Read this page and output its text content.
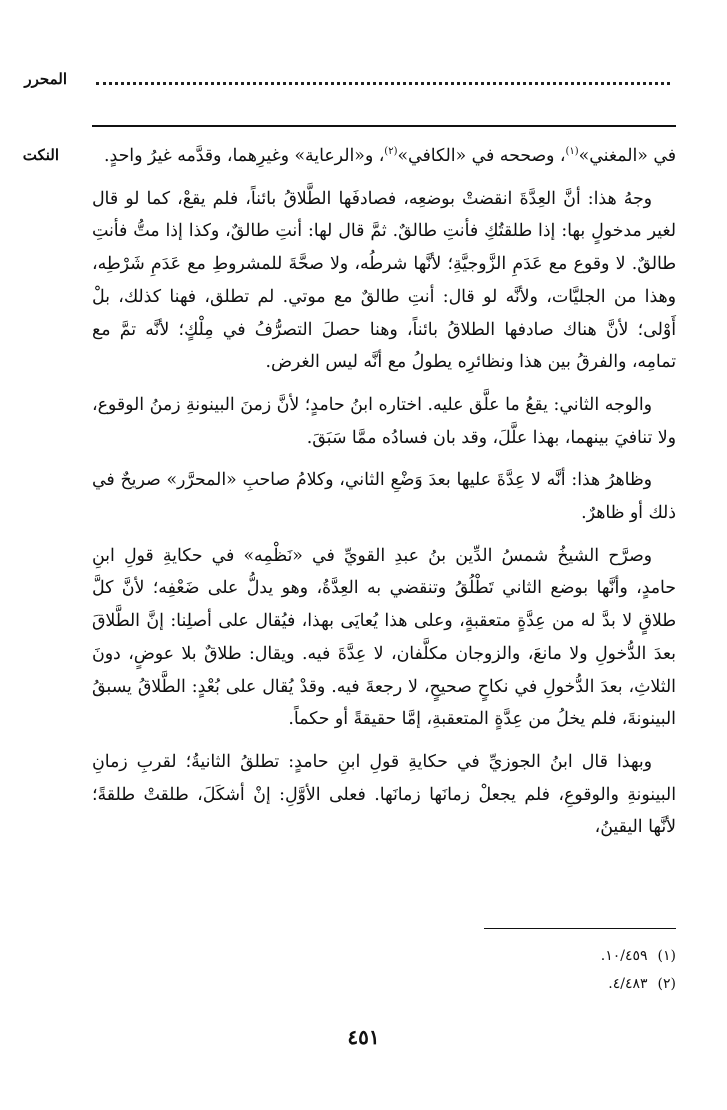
المحرر
النكت	في «المغني»$^{(١)}$، وصححه في «الكافي»$^{(٢)}$، و«الرعاية» وغيرِهما، وقدَّمه غيرُ واحدٍ.

وجهُ هذا: أنَّ العِدَّةَ انقضتْ بوضعِه، فصادفَها الطَّلاقُ بائناً، فلم يقعْ، كما لو قال لغير مدخولٍ بها: إذا طلقتُكِ فأنتِ طالقٌ. ثمَّ قال لها: أنتِ طالقٌ، وكذا إذا متُّ فأنتِ طالقٌ. لا وقوع مع عَدَمِ الزَّوجيَّةِ؛ لأنَّها شرطُه، ولا صحَّةَ للمشروطِ مع عَدَمِ شَرْطِه، وهذا من الجليَّات، ولأنَّه لو قال: أنتِ طالقٌ مع موتي. لم تطلق، فهنا كذلك، بلْ أَوْلى؛ لأنَّ هناك صادفها الطلاقُ بائناً، وهنا حصلَ التصرُّفُ في مِلْكٍ؛ لأنَّه تمَّ مع تمامِه، والفرقُ بين هذا ونظائرِه يطولُ مع أنَّه ليس الغرض.

والوجه الثاني: يقعُ ما علَّق عليه. اختاره ابنُ حامدٍ؛ لأنَّ زمنَ البينونةِ زمنُ الوقوع، ولا تنافيَ بينهما، بهذا علَّلَ، وقد بان فسادُه ممَّا سَبَقَ.

وظاهرُ هذا: أنَّه لا عِدَّةَ عليها بعدَ وَضْعِ الثاني، وكلامُ صاحبِ «المحرَّر» صريحٌ في ذلك أو ظاهرٌ.

وصرَّح الشيخُ شمسُ الدِّين بنُ عبدِ القويِّ في «نَظْمِه» في حكايةِ قولِ ابنِ حامدٍ، وأنَّها بوضع الثاني تَطْلُقُ وتنقضي به العِدَّةُ، وهو يدلُّ على ضَعْفِه؛ لأنَّ كلَّ طلاقٍ لا بدَّ له من عِدَّةٍ متعقبةٍ، وعلى هذا يُعايَى بهذا، فيُقال على أصلِنا: إنَّ الطَّلاقَ بعدَ الدُّخولِ ولا مانعَ، والزوجان مكلَّفان، لا عِدَّةَ فيه. ويقال: طلاقٌ بلا عوضٍ، دونَ الثلاثِ، بعدَ الدُّخولِ في نكاحٍ صحيحٍ، لا رجعةَ فيه. وقدْ يُقال على بُعْدٍ: الطَّلاقُ يسبقُ البينونةَ، فلم يخلُ من عِدَّةٍ المتعقبةِ، إمَّا حقيقةً أو حكماً.

وبهذا قال ابنُ الجوزيِّ في حكايةِ قولِ ابنِ حامدٍ: تطلقُ الثانيةُ؛ لقربِ زمانِ البينونةِ والوقوعِ، فلم يجعلْ زمانَها زمانَها. فعلى الأوَّلِ: إنْ أشكَلَ، طلقتْ طلقةً؛ لأنَّها اليقينُ،

(١)١٠/٤٥٩.
(٢)٤/٤٨٣.
٤٥١
